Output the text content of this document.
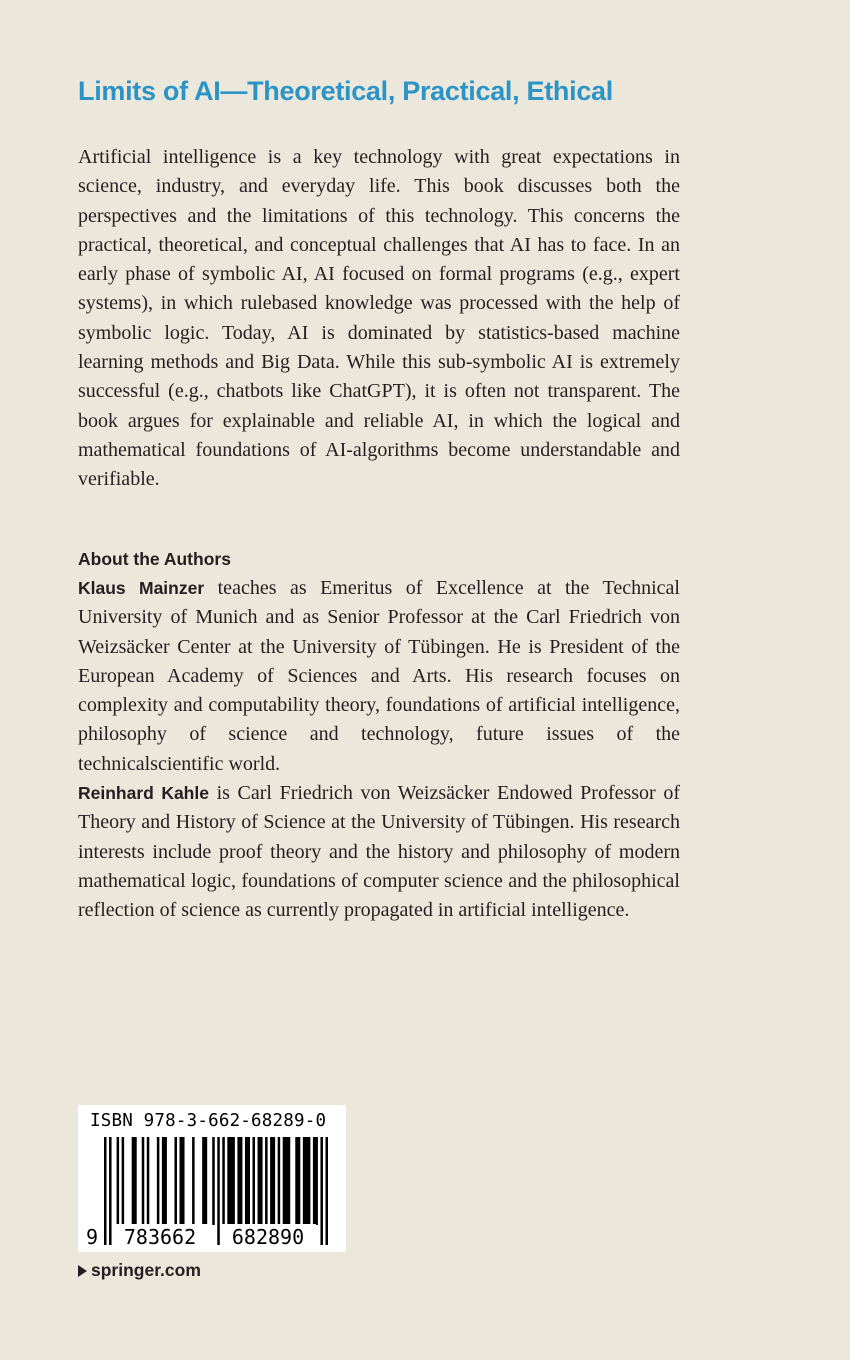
Limits of AI—Theoretical, Practical, Ethical

Artificial intelligence is a key technology with great expectations in science, industry, and everyday life. This book discusses both the perspectives and the limitations of this technology. This concerns the practical, theoretical, and conceptual challenges that AI has to face. In an early phase of symbolic AI, AI focused on formal programs (e.g., expert systems), in which rulebased knowledge was processed with the help of symbolic logic. Today, AI is dominated by statistics-based machine learning methods and Big Data. While this sub-symbolic AI is extremely successful (e.g., chatbots like ChatGPT), it is often not transparent. The book argues for explainable and reliable AI, in which the logical and mathematical foundations of AI-algorithms become understandable and verifiable.

About the Authors

Klaus Mainzer teaches as Emeritus of Excellence at the Technical University of Munich and as Senior Professor at the Carl Friedrich von Weizsäcker Center at the University of Tübingen. He is President of the European Academy of Sciences and Arts. His research focuses on complexity and computability theory, foundations of artificial intelligence, philosophy of science and technology, future issues of the technicalscientific world.

Reinhard Kahle is Carl Friedrich von Weizsäcker Endowed Professor of Theory and History of Science at the University of Tübingen. His research interests include proof theory and the history and philosophy of modern mathematical logic, foundations of computer science and the philosophical reflection of science as currently propagated in artificial intelligence.

ISBN 978-3-662-68289-0
9	783662	682890
springer.com
